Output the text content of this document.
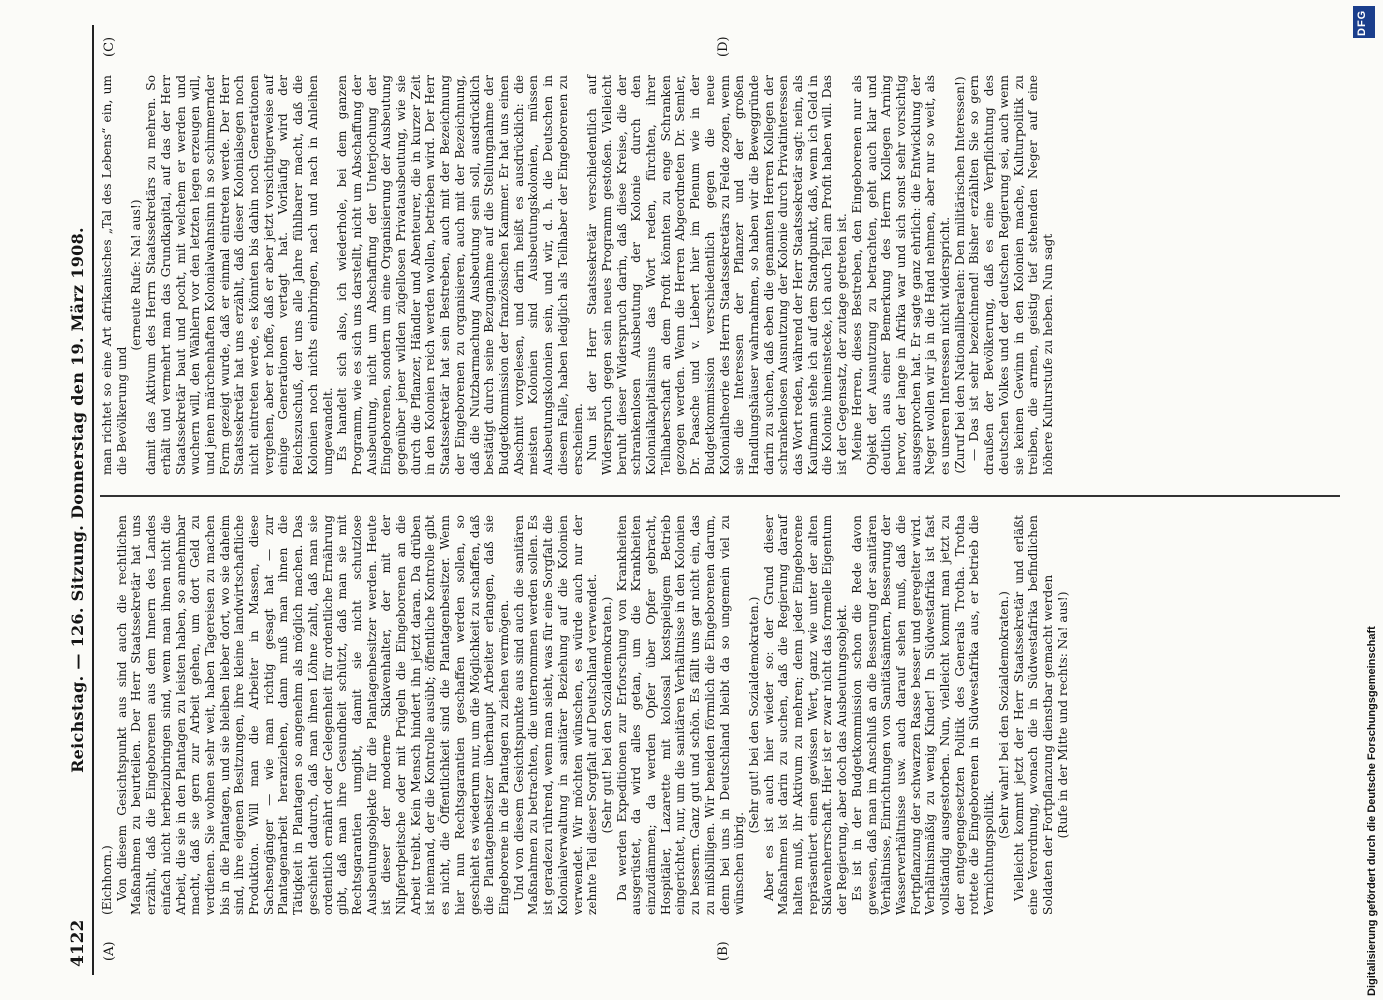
4122
Reichstag. — 126. Sitzung. Donnerstag den 19. März 1908.
(A)	(B)
(C)	(D)

(Eichhorn.) Von diesem Gesichtspunkt aus sind auch die rechtlichen Maßnahmen zu beurteilen. Der Herr Staatssekretär hat uns erzählt, daß die Eingeborenen aus dem Innern des Landes einfach nicht herbeizubringen sind, wenn man ihnen nicht die Arbeit, die sie in den Plantagen zu leisten haben, so annehmbar macht, daß sie gern zur Arbeit gehen, um dort Geld zu verdienen. Sie wohnen sehr weit, haben Tagereisen zu machen bis in die Plantagen, und sie bleiben lieber dort, wo sie daheim sind, ihre eigenen Besitzungen, ihre kleine landwirtschaftliche Produktion. Will man die Arbeiter in Massen, diese Sachsengänger — wie man richtig gesagt hat — zur Plantagenarbeit heranziehen, dann muß man ihnen die Tätigkeit in Plantagen so angenehm als möglich machen. Das geschieht dadurch, daß man ihnen Löhne zahlt, daß man sie ordentlich ernährt oder Gelegenheit für ordentliche Ernährung gibt, daß man ihre Gesundheit schützt, daß man sie mit Rechtsgarantien umgibt, damit sie nicht schutzlose Ausbeutungsobjekte für die Plantagenbesitzer werden. Heute ist dieser der moderne Sklavenhalter, der mit der Nilpferdpeitsche oder mit Prügeln die Eingeborenen an die Arbeit treibt. Kein Mensch hindert ihn jetzt daran. Da drüben ist niemand, der die Kontrolle ausübt; öffentliche Kontrolle gibt es nicht, die Öffentlichkeit sind die Plantagenbesitzer. Wenn hier nun Rechtsgarantien geschaffen werden sollen, so geschieht es wiederum nur, um die Möglichkeit zu schaffen, daß die Plantagenbesitzer überhaupt Arbeiter erlangen, daß sie Eingeborene in die Plantagen zu ziehen vermögen. Und von diesem Gesichtspunkte aus sind auch die sanitären Maßnahmen zu betrachten, die unternommen werden sollen. Es ist geradezu rührend, wenn man sieht, was für eine Sorgfalt die Kolonialverwaltung in sanitärer Beziehung auf die Kolonien verwendet. Wir möchten wünschen, es würde auch nur der zehnte Teil dieser Sorgfalt auf Deutschland verwendet. (Sehr gut! bei den Sozialdemokraten.) Da werden Expeditionen zur Erforschung von Krankheiten ausgerüstet, da wird alles getan, um die Krankheiten einzudämmen; da werden Opfer über Opfer gebracht, Hospitäler, Lazarette mit kolossal kostspieligem Betrieb eingerichtet, nur, um die sanitären Verhältnisse in den Kolonien zu bessern. Ganz gut und schön. Es fällt uns gar nicht ein, das zu mißbilligen. Wir beneiden förmlich die Eingeborenen darum, denn bei uns in Deutschland bleibt da so ungemein viel zu wünschen übrig.

(Sehr gut! bei den Sozialdemokraten.) Aber es ist auch hier wieder so: der Grund dieser Maßnahmen ist darin zu suchen, daß die Regierung darauf halten muß, ihr Aktivum zu mehren; denn jeder Eingeborene repräsentiert einen gewissen Wert, ganz wie unter der alten Sklavenherrschaft. Hier ist er zwar nicht das formelle Eigentum der Regierung, aber doch das Ausbeutungsobjekt. Es ist in der Budgetkommission schon die Rede davon gewesen, daß man im Anschluß an die Besserung der sanitären Verhältnisse, Einrichtungen von Sanitätsämtern, Besserung der Wasserverhältnisse usw. auch darauf sehen muß, daß die Fortpflanzung der schwarzen Rasse besser und geregelter wird. Verhältnismäßig zu wenig Kinder! In Südwestafrika ist fast vollständig ausgestorben. Nun, vielleicht kommt man jetzt zu der entgegengesetzten Politik des Generals Trotha. Trotha rottete die Eingeborenen in Südwestafrika aus, er betrieb die Vernichtungspolitik.

(Sehr wahr! bei den Sozialdemokraten.) Vielleicht kommt jetzt der Herr Staatssekretär und erläßt eine Verordnung, wonach die in Südwestafrika befindlichen Soldaten der Fortpflanzung dienstbar gemacht werden (Rufe in der Mitte und rechts: Na! aus!)

man richtet so eine Art afrikanisches „Tal des Lebens“ ein, um die Bevölkerung und

(erneute Rufe: Na! aus!) damit das Aktivum des Herrn Staatssekretärs zu mehren. So erhält und vermehrt man das Grundkapital, auf das der Herr Staatssekretär baut und pocht, mit welchem er werden und wuchern will, den Wählern vor den letzten legen erzeugen will, und jenen märchenhaften Kolonialwahnsinn in so schimmernder Form gezeigt wurde, daß er einmal eintreten werde. Der Herr Staatssekretär hat uns erzählt, daß dieser Kolonialsegen noch nicht eintreten werde, es könnten bis dahin noch Generationen vergehen, aber er hoffe, daß er aber jetzt vorsichtigerweise auf einige Generationen vertagt hat. Vorläufig wird der Reichszuschuß, der uns alle Jahre fühlbarer macht, daß die Kolonien noch nichts einbringen, nach und nach in Anleihen umgewandelt. Es handelt sich also, ich wiederhole, bei dem ganzen Programm, wie es sich uns darstellt, nicht um Abschaffung der Ausbeutung, nicht um Abschaffung der Unterjochung der Eingeborenen, sondern um eine Organisierung der Ausbeutung gegenüber jener wilden zügellosen Privatausbeutung, wie sie durch die Pflanzer, Händler und Abenteurer, die in kurzer Zeit in den Kolonien reich werden wollen, betrieben wird. Der Herr Staatssekretär hat sein Bestreben, auch mit der Bezeichnung der Eingeborenen zu organisieren, auch mit der Bezeichnung, daß die Nutzbarmachung Ausbeutung sein soll, ausdrücklich bestätigt durch seine Bezugnahme auf die Stellungnahme der Budgetkommission der französischen Kammer. Er hat uns einen Abschnitt vorgelesen, und darin heißt es ausdrücklich: die meisten Kolonien sind Ausbeutungskolonien, müssen Ausbeutungskolonien sein, und wir, d. h. die Deutschen in diesem Falle, haben lediglich als Teilhaber der Eingeborenen zu erscheinen. Nun ist der Herr Staatssekretär verschiedentlich auf Widerspruch gegen sein neues Programm gestoßen. Vielleicht beruht dieser Widerspruch darin, daß diese Kreise, die der schrankenlosen Ausbeutung der Kolonie durch den Kolonialkapitalismus das Wort reden, fürchten, ihrer Teilhaberschaft an dem Profit könnten zu enge Schranken gezogen werden. Wenn die Herren Abgeordneten Dr. Semler, Dr. Paasche und v. Liebert hier im Plenum wie in der Budgetkommission verschiedentlich gegen die neue Kolonialtheorie des Herrn Staatssekretärs zu Felde zogen, wenn sie die Interessen der Pflanzer und der großen Handlungshäuser wahrnahmen, so haben wir die Beweggründe darin zu suchen, daß eben die genannten Herren Kollegen der schrankenlosen Ausnutzung der Kolonie durch Privatinteressen das Wort reden, während der Herr Staatssekretär sagt: nein, als Kaufmann stehe ich auf dem Standpunkt, daß, wenn ich Geld in die Kolonie hineinstecke, ich auch Teil am Profit haben will. Das ist der Gegensatz, der zutage getreten ist. Meine Herren, dieses Bestreben, den Eingeborenen nur als Objekt der Ausnutzung zu betrachten, geht auch klar und deutlich aus einer Bemerkung des Herrn Kollegen Arning hervor, der lange in Afrika war und sich sonst sehr vorsichtig ausgesprochen hat. Er sagte ganz ehrlich: die Entwicklung der Neger wollen wir ja in die Hand nehmen, aber nur so weit, als es unseren Interessen nicht widerspricht. (Zuruf bei den Nationalliberalen: Den militärischen Interessen!) — Das ist sehr bezeichnend! Bisher erzählten Sie so gern draußen der Bevölkerung, daß es eine Verpflichtung des deutschen Volkes und der deutschen Regierung sei, auch wenn sie keinen Gewinn in den Kolonien mache, Kulturpolitik zu treiben, die armen, geistig tief stehenden Neger auf eine höhere Kulturstufe zu heben. Nun sagt

DFG
Digitalisierung gefördert durch die Deutsche Forschungsgemeinschaft
